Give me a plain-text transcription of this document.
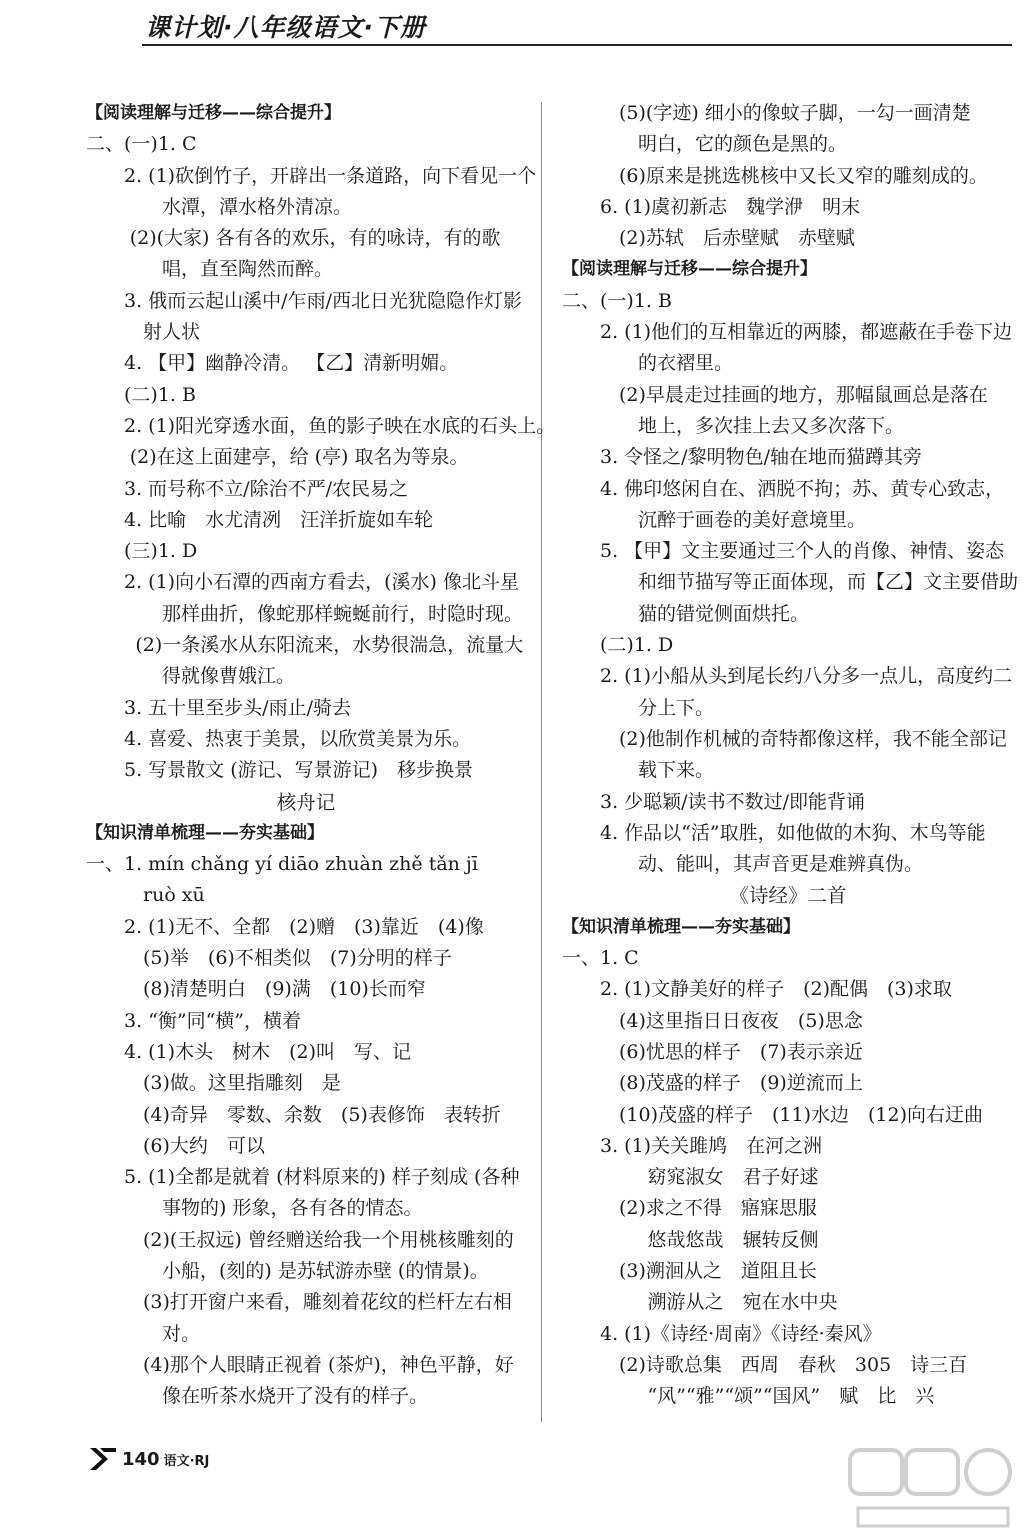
课计划·八年级语文·下册
【阅读理解与迁移——综合提升】
二、(一)1. C
2. (1)砍倒竹子，开辟出一条道路，向下看见一个
水潭，潭水格外清凉。
(2)(大家) 各有各的欢乐，有的咏诗，有的歌
唱，直至陶然而醉。
3. 俄而云起山溪中/乍雨/西北日光犹隐隐作灯影
射人状
4. 【甲】幽静冷清。 【乙】清新明媚。
(二)1. B
2. (1)阳光穿透水面，鱼的影子映在水底的石头上。
(2)在这上面建亭，给 (亭) 取名为等泉。
3. 而号称不立/除治不严/农民易之
4. 比喻　水尤清冽　汪洋折旋如车轮
(三)1. D
2. (1)向小石潭的西南方看去，(溪水) 像北斗星
那样曲折，像蛇那样蜿蜒前行，时隐时现。
(2)一条溪水从东阳流来，水势很湍急，流量大
得就像曹娥江。
3. 五十里至步头/雨止/骑去
4. 喜爱、热衷于美景，以欣赏美景为乐。
5. 写景散文 (游记、写景游记)　移步换景
核舟记
【知识清单梳理——夯实基础】
一、1. mín chǎng yí diāo zhuàn zhě tǎn jī
ruò xū
2. (1)无不、全都　(2)赠　(3)靠近　(4)像
(5)举　(6)不相类似　(7)分明的样子
(8)清楚明白　(9)满　(10)长而窄
3. “衡”同“横”，横着
4. (1)木头　树木　(2)叫　写、记
(3)做。这里指雕刻　是
(4)奇异　零数、余数　(5)表修饰　表转折
(6)大约　可以
5. (1)全都是就着 (材料原来的) 样子刻成 (各种
事物的) 形象，各有各的情态。
(2)(王叔远) 曾经赠送给我一个用桃核雕刻的
小船，(刻的) 是苏轼游赤壁 (的情景)。
(3)打开窗户来看，雕刻着花纹的栏杆左右相
对。
(4)那个人眼睛正视着 (茶炉)，神色平静，好
像在听茶水烧开了没有的样子。
(5)(字迹) 细小的像蚊子脚，一勾一画清楚
明白，它的颜色是黑的。
(6)原来是挑选桃核中又长又窄的雕刻成的。
6. (1)虞初新志　魏学洢　明末
(2)苏轼　后赤壁赋　赤壁赋
【阅读理解与迁移——综合提升】
二、(一)1. B
2. (1)他们的互相靠近的两膝，都遮蔽在手卷下边
的衣褶里。
(2)早晨走过挂画的地方，那幅鼠画总是落在
地上，多次挂上去又多次落下。
3. 令怪之/黎明物色/轴在地而猫蹲其旁
4. 佛印悠闲自在、洒脱不拘；苏、黄专心致志，
沉醉于画卷的美好意境里。
5. 【甲】文主要通过三个人的肖像、神情、姿态
和细节描写等正面体现，而【乙】文主要借助
猫的错觉侧面烘托。
(二)1. D
2. (1)小船从头到尾长约八分多一点儿，高度约二
分上下。
(2)他制作机械的奇特都像这样，我不能全部记
载下来。
3. 少聪颖/读书不数过/即能背诵
4. 作品以“活”取胜，如他做的木狗、木鸟等能
动、能叫，其声音更是难辨真伪。
《诗经》二首
【知识清单梳理——夯实基础】
一、1. C
2. (1)文静美好的样子　(2)配偶　(3)求取
(4)这里指日日夜夜　(5)思念
(6)忧思的样子　(7)表示亲近
(8)茂盛的样子　(9)逆流而上
(10)茂盛的样子　(11)水边　(12)向右迂曲
3. (1)关关雎鸠　在河之洲
窈窕淑女　君子好逑
(2)求之不得　寤寐思服
悠哉悠哉　辗转反侧
(3)溯洄从之　道阻且长
溯游从之　宛在水中央
4. (1)《诗经·周南》《诗经·秦风》
(2)诗歌总集　西周　春秋　305　诗三百
“风”“雅”“颂”“国风”　赋　比　兴
140 语文·RJ
